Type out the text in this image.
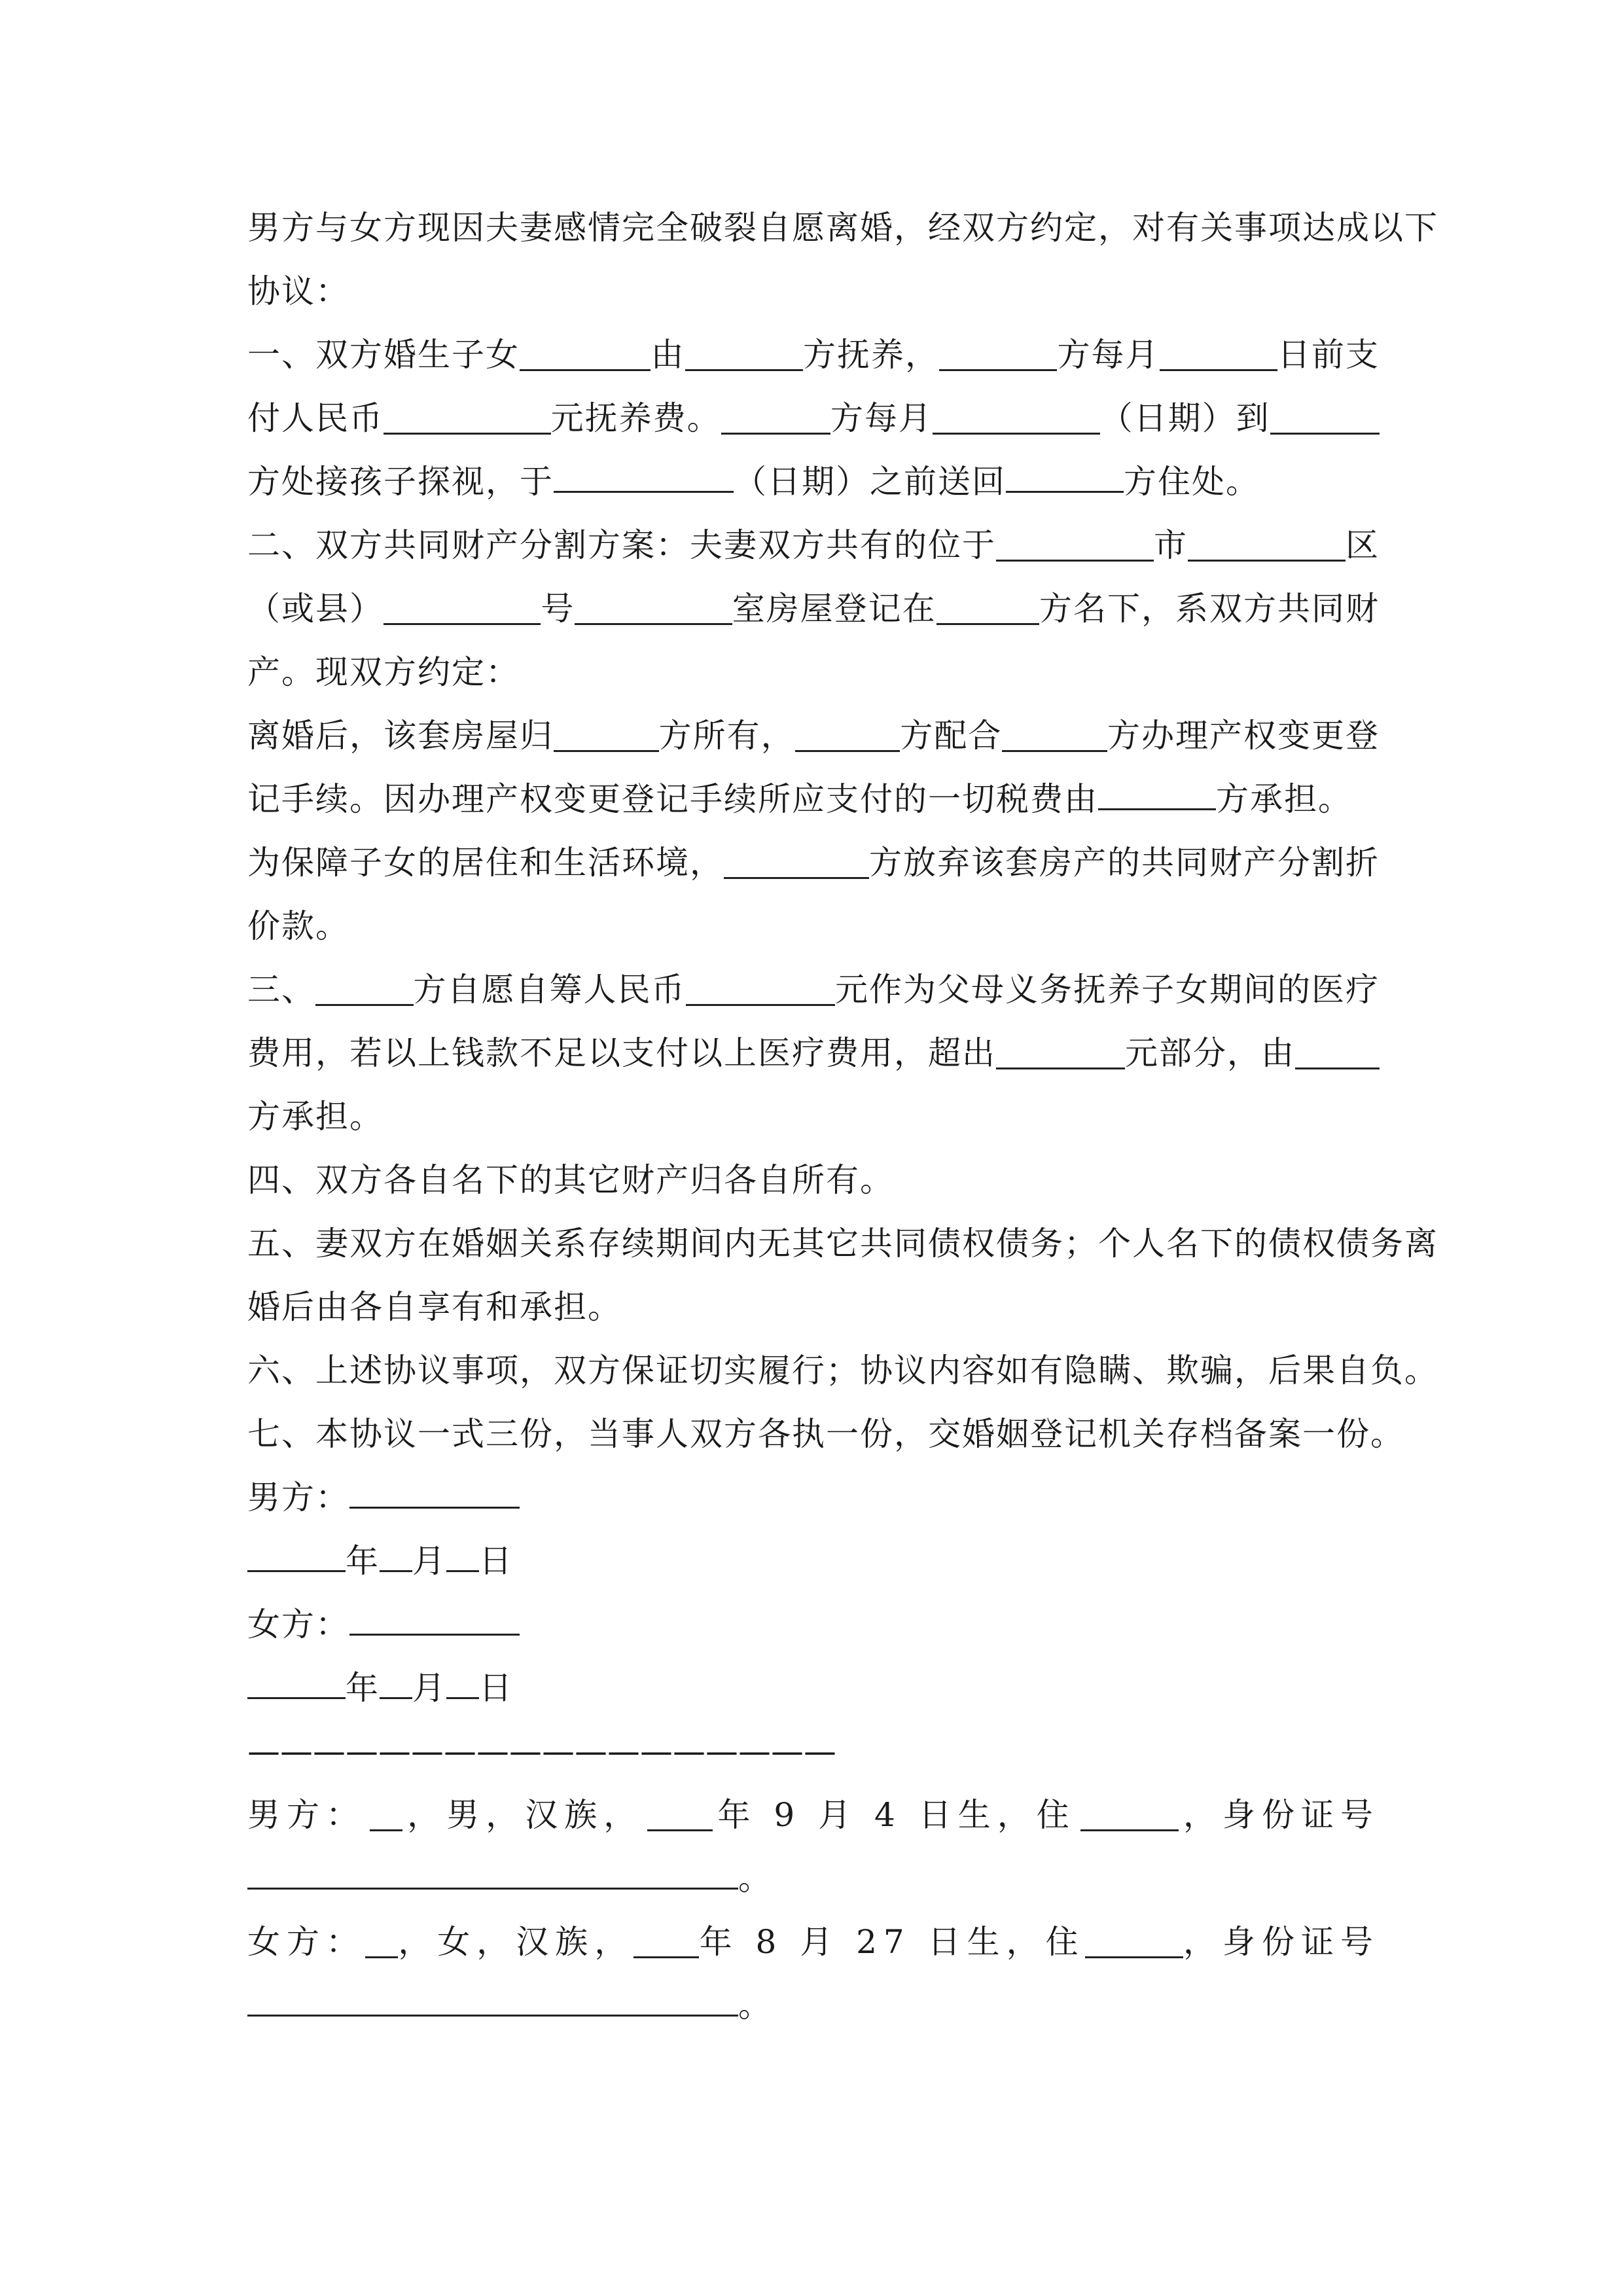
男方与女方现因夫妻感情完全破裂自愿离婚，经双方约定，对有关事项达成以下
协议：
一、双方婚生子女	由	方抚养，	方每月	日前支
付人民币	元抚养费。	方每月	（日期）到
方处接孩子探视，于	（日期）之前送回	方住处。
二、双方共同财产分割方案：夫妻双方共有的位于	市	区
（或县）	号	室房屋登记在	方名下，系双方共同财
产。现双方约定：
离婚后，该套房屋归	方所有，	方配合	方办理产权变更登
记手续。因办理产权变更登记手续所应支付的一切税费由	方承担。
为保障子女的居住和生活环境，	方放弃该套房产的共同财产分割折
价款。
三、	方自愿自筹人民币	元作为父母义务抚养子女期间的医疗
费用，若以上钱款不足以支付以上医疗费用，超出	元部分，由
方承担。
四、双方各自名下的其它财产归各自所有。
五、妻双方在婚姻关系存续期间内无其它共同债权债务；个人名下的债权债务离
婚后由各自享有和承担。
六、上述协议事项，双方保证切实履行；协议内容如有隐瞒、欺骗，后果自负。
七、本协议一式三份，当事人双方各执一份，交婚姻登记机关存档备案一份。
男方：
年 月 日
女方：
年 月 日
——————————————————
男方： ，男，汉族， 年 9 月 4 日生，住	，身份证号
。
女方： ，女，汉族， 年 8 月 27 日生，住	，身份证号
。
